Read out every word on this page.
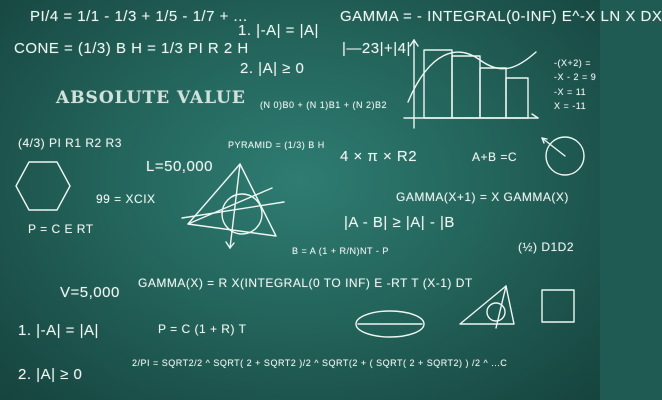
PI/4 = 1/1 - 1/3 + 1/5 - 1/7 + ...
1. |-A| = |A|
GAMMA = - INTEGRAL(0-INF) E^-X LN X DX
CONE = (1/3) B H = 1/3 PI R 2 H	|—23|+|4|
2. |A| ≥ 0
ABSOLUTE VALUE (N 0)B0 + (N 1)B1 + (N 2)B2
-(X+2) =
-X - 2 = 9
-X = 11
X = -11
(4/3) PI R1 R2 R3	PYRAMID = (1/3) B H
4 × π × R2	A+B =C
L=50,000
99 = XCIX	GAMMA(X+1) = X GAMMA(X)
P = C E RT	|A - B| ≥ |A| - |B
B = A (1 + R/N)NT - P	(½) D1D2
GAMMA(X) = R X(INTEGRAL(0 TO INF) E -RT T (X-1) DT
V=5,000
1. |-A| = |A|	P = C (1 + R) T
2/PI = SQRT2/2 ^ SQRT( 2 + SQRT2 )/2 ^ SQRT(2 + ( SQRT( 2 + SQRT2) ) /2 ^ ...C
2. |A| ≥ 0
